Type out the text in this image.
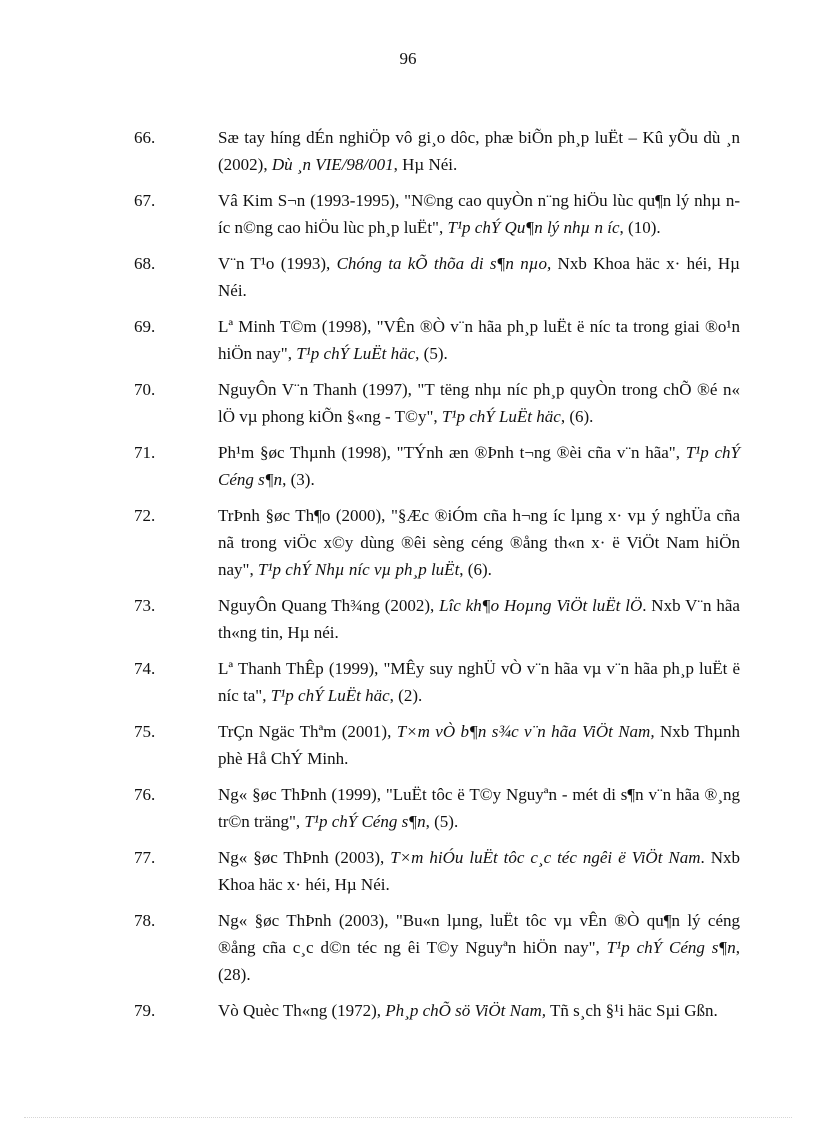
96
66.	Sæ tay híng dÉn nghiÖp vô gi¸o dôc, phæ biÕn ph¸p luËt – Kû yÕu dù ¸n (2002), Dù ¸n VIE/98/001, Hµ Néi.
67.	Vâ Kim S¬n (1993-1995), "N©ng cao quyÒn n¨ng hiÖu lùc qu¶n lý nhµ n íc n©ng cao hiÖu lùc ph¸p luËt", T¹p chÝ Qu¶n lý nhµ n íc, (10).
68.	V¨n T¹o (1993), Chóng ta kÕ thõa di s¶n nµo, Nxb Khoa häc x· héi, Hµ Néi.
69.	Lª Minh T©m (1998), "VÊn ®Ò v¨n hãa ph¸p luËt ë níc ta trong giai ®o¹n hiÖn nay", T¹p chÝ LuËt häc, (5).
70.	NguyÔn V¨n Thanh (1997), "T tëng nhµ níc ph¸p quyÒn trong chÕ ®é n« lÖ vµ phong kiÕn §«ng - T©y", T¹p chÝ LuËt häc, (6).
71.	Ph¹m §øc Thµnh (1998), "TÝnh æn ®Þnh t¬ng ®èi cña v¨n hãa", T¹p chÝ Céng s¶n, (3).
72.	TrÞnh §øc Th¶o (2000), "§Æc ®iÓm cña h¬ng íc lµng x· vµ ý nghÜa cña nã trong viÖc x©y dùng ®êi sèng céng ®ång th«n x· ë ViÖt Nam hiÖn nay", T¹p chÝ Nhµ níc vµ ph¸p luËt, (6).
73.	NguyÔn Quang Th¾ng (2002), Lîc kh¶o Hoµng ViÖt luËt lÖ. Nxb V¨n hãa th«ng tin, Hµ néi.
74.	Lª Thanh ThÊp (1999), "MÊy suy nghÜ vÒ v¨n hãa vµ v¨n hãa ph¸p luËt ë níc ta", T¹p chÝ LuËt häc, (2).
75.	TrÇn Ngäc Thªm (2001), T×m vÒ b¶n s¾c v¨n hãa ViÖt Nam, Nxb Thµnh phè Hå ChÝ Minh.
76.	Ng« §øc ThÞnh (1999), "LuËt tôc ë T©y Nguyªn - mét di s¶n v¨n hãa ®¸ng tr©n träng", T¹p chÝ Céng s¶n, (5).
77.	Ng« §øc ThÞnh (2003), T×m hiÓu luËt tôc c¸c téc ngêi ë ViÖt Nam. Nxb Khoa häc x· héi, Hµ Néi.
78.	Ng« §øc ThÞnh (2003), "Bu«n lµng, luËt tôc vµ vÊn ®Ò qu¶n lý céng ®ång cña c¸c d©n téc ng êi T©y Nguyªn hiÖn nay", T¹p chÝ Céng s¶n, (28).
79.	Vò Quèc Th«ng (1972), Ph¸p chÕ sö ViÖt Nam, Tñ s¸ch §¹i häc Sµi Gßn.
